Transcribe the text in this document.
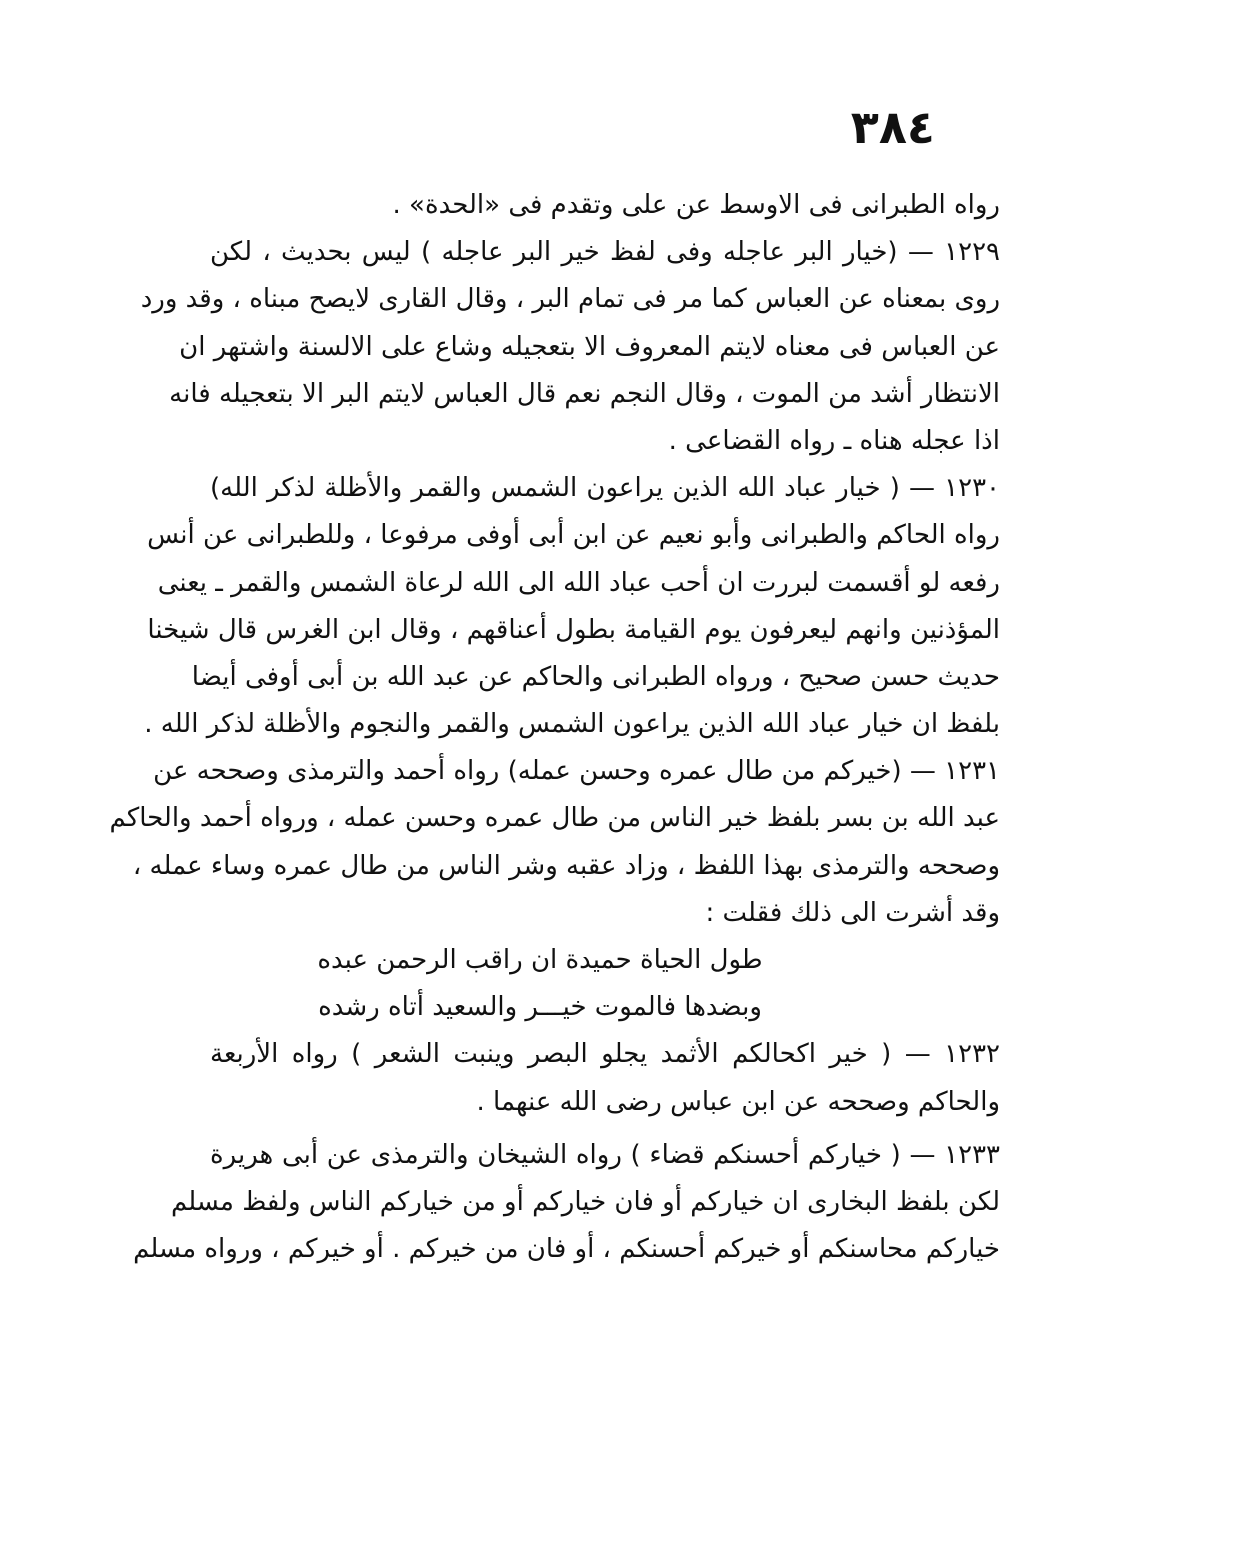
٣٨٤
رواه الطبرانى فى الاوسط عن على وتقدم فى «الحدة» .
١٢٢٩ — (خيار البر عاجله وفى لفظ خير البر عاجله ) ليس بحديث ، لكن
روى بمعناه عن العباس كما مر فى تمام البر ، وقال القارى لايصح مبناه ، وقد ورد
عن العباس فى معناه لايتم المعروف الا بتعجيله وشاع على الالسنة واشتهر ان
الانتظار أشد من الموت ، وقال النجم نعم قال العباس لايتم البر الا بتعجيله فانه
اذا عجله هناه ـ رواه القضاعى .
١٢٣٠ — ( خيار عباد الله الذين يراعون الشمس والقمر والأظلة لذكر الله)
رواه الحاكم والطبرانى وأبو نعيم عن ابن أبى أوفى مرفوعا ، وللطبرانى عن أنس
رفعه لو أقسمت لبررت ان أحب عباد الله الى الله لرعاة الشمس والقمر ـ يعنى
المؤذنين وانهم ليعرفون يوم القيامة بطول أعناقهم ، وقال ابن الغرس قال شيخنا
حديث حسن صحيح ، ورواه الطبرانى والحاكم عن عبد الله بن أبى أوفى أيضا
بلفظ ان خيار عباد الله الذين يراعون الشمس والقمر والنجوم والأظلة لذكر الله .
١٢٣١ — (خيركم من طال عمره وحسن عمله) رواه أحمد والترمذى وصححه عن
عبد الله بن بسر بلفظ خير الناس من طال عمره وحسن عمله ، ورواه أحمد والحاكم
وصححه والترمذى بهذا اللفظ ، وزاد عقبه وشر الناس من طال عمره وساء عمله ،
وقد أشرت الى ذلك فقلت :
طول الحياة حميدة ان راقب الرحمن عبده
وبضدها فالموت خيـــر والسعيد أتاه رشده
١٢٣٢ — ( خير اكحالكم الأثمد يجلو البصر وينبت الشعر ) رواه الأربعة
والحاكم وصححه عن ابن عباس رضى الله عنهما .
١٢٣٣ — ( خياركم أحسنكم قضاء ) رواه الشيخان والترمذى عن أبى هريرة
لكن بلفظ البخارى ان خياركم أو فان خياركم أو من خياركم الناس ولفظ مسلم
خياركم محاسنكم أو خيركم أحسنكم ، أو فان من خيركم . أو خيركم ، ورواه مسلم
